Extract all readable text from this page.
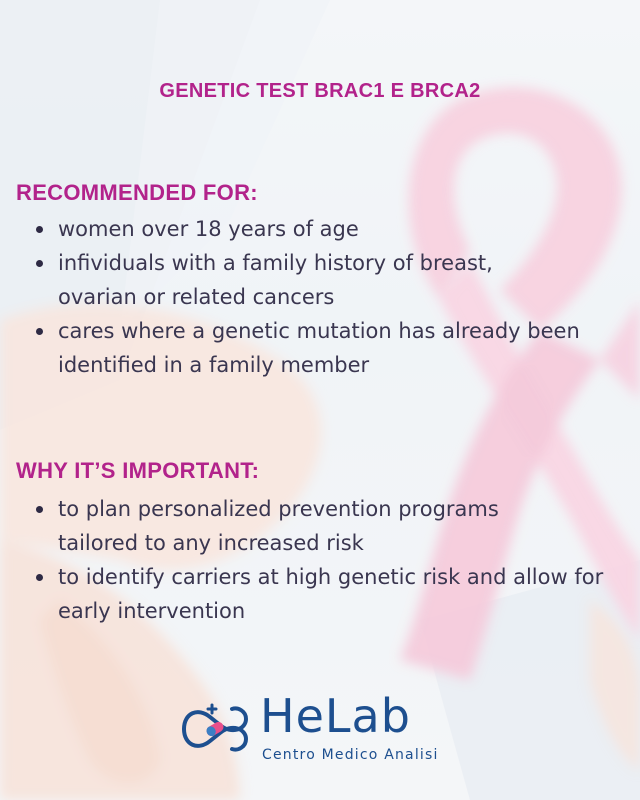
GENETIC TEST BRAC1 E BRCA2
RECOMMENDED FOR:
women over 18 years of age
infividuals with a family history of breast, ovarian or related cancers
cares where a genetic mutation has already been identified in a family member
WHY IT’S IMPORTANT:
to plan personalized prevention programs tailored to any increased risk
to identify carriers at high genetic risk and allow for early intervention
HeLab
Centro Medico Analisi
